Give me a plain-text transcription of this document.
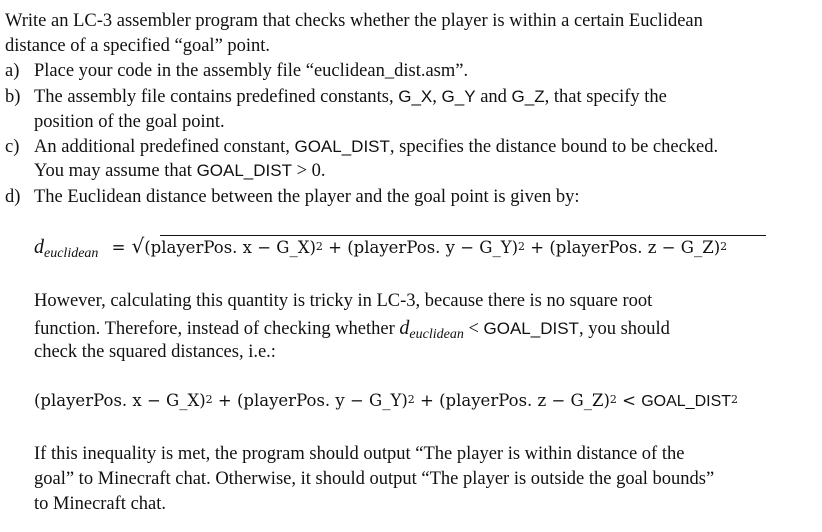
Write an LC-3 assembler program that checks whether the player is within a certain Euclidean
distance of a specified “goal” point.
a) Place your code in the assembly file “euclidean_dist.asm”.
b) The assembly file contains predefined constants, G_X, G_Y and G_Z, that specify the
position of the goal point.
c) An additional predefined constant, GOAL_DIST, specifies the distance bound to be checked.
You may assume that GOAL_DIST > 0.
d) The Euclidean distance between the player and the goal point is given by:
$d_{euclidean}$ = √(playerPos. x − G_X)$^2$ + (playerPos. y − G_Y)$^2$ + (playerPos. z − G_Z)$^2$
However, calculating this quantity is tricky in LC-3, because there is no square root
function. Therefore, instead of checking whether $d_{euclidean}$ < GOAL_DIST, you should
check the squared distances, i.e.:
(playerPos. x − G_X)$^2$ + (playerPos. y − G_Y)$^2$ + (playerPos. z − G_Z)$^2$ < $GOAL\_DIST^2$
If this inequality is met, the program should output “The player is within distance of the
goal” to Minecraft chat. Otherwise, it should output “The player is outside the goal bounds”
to Minecraft chat.
